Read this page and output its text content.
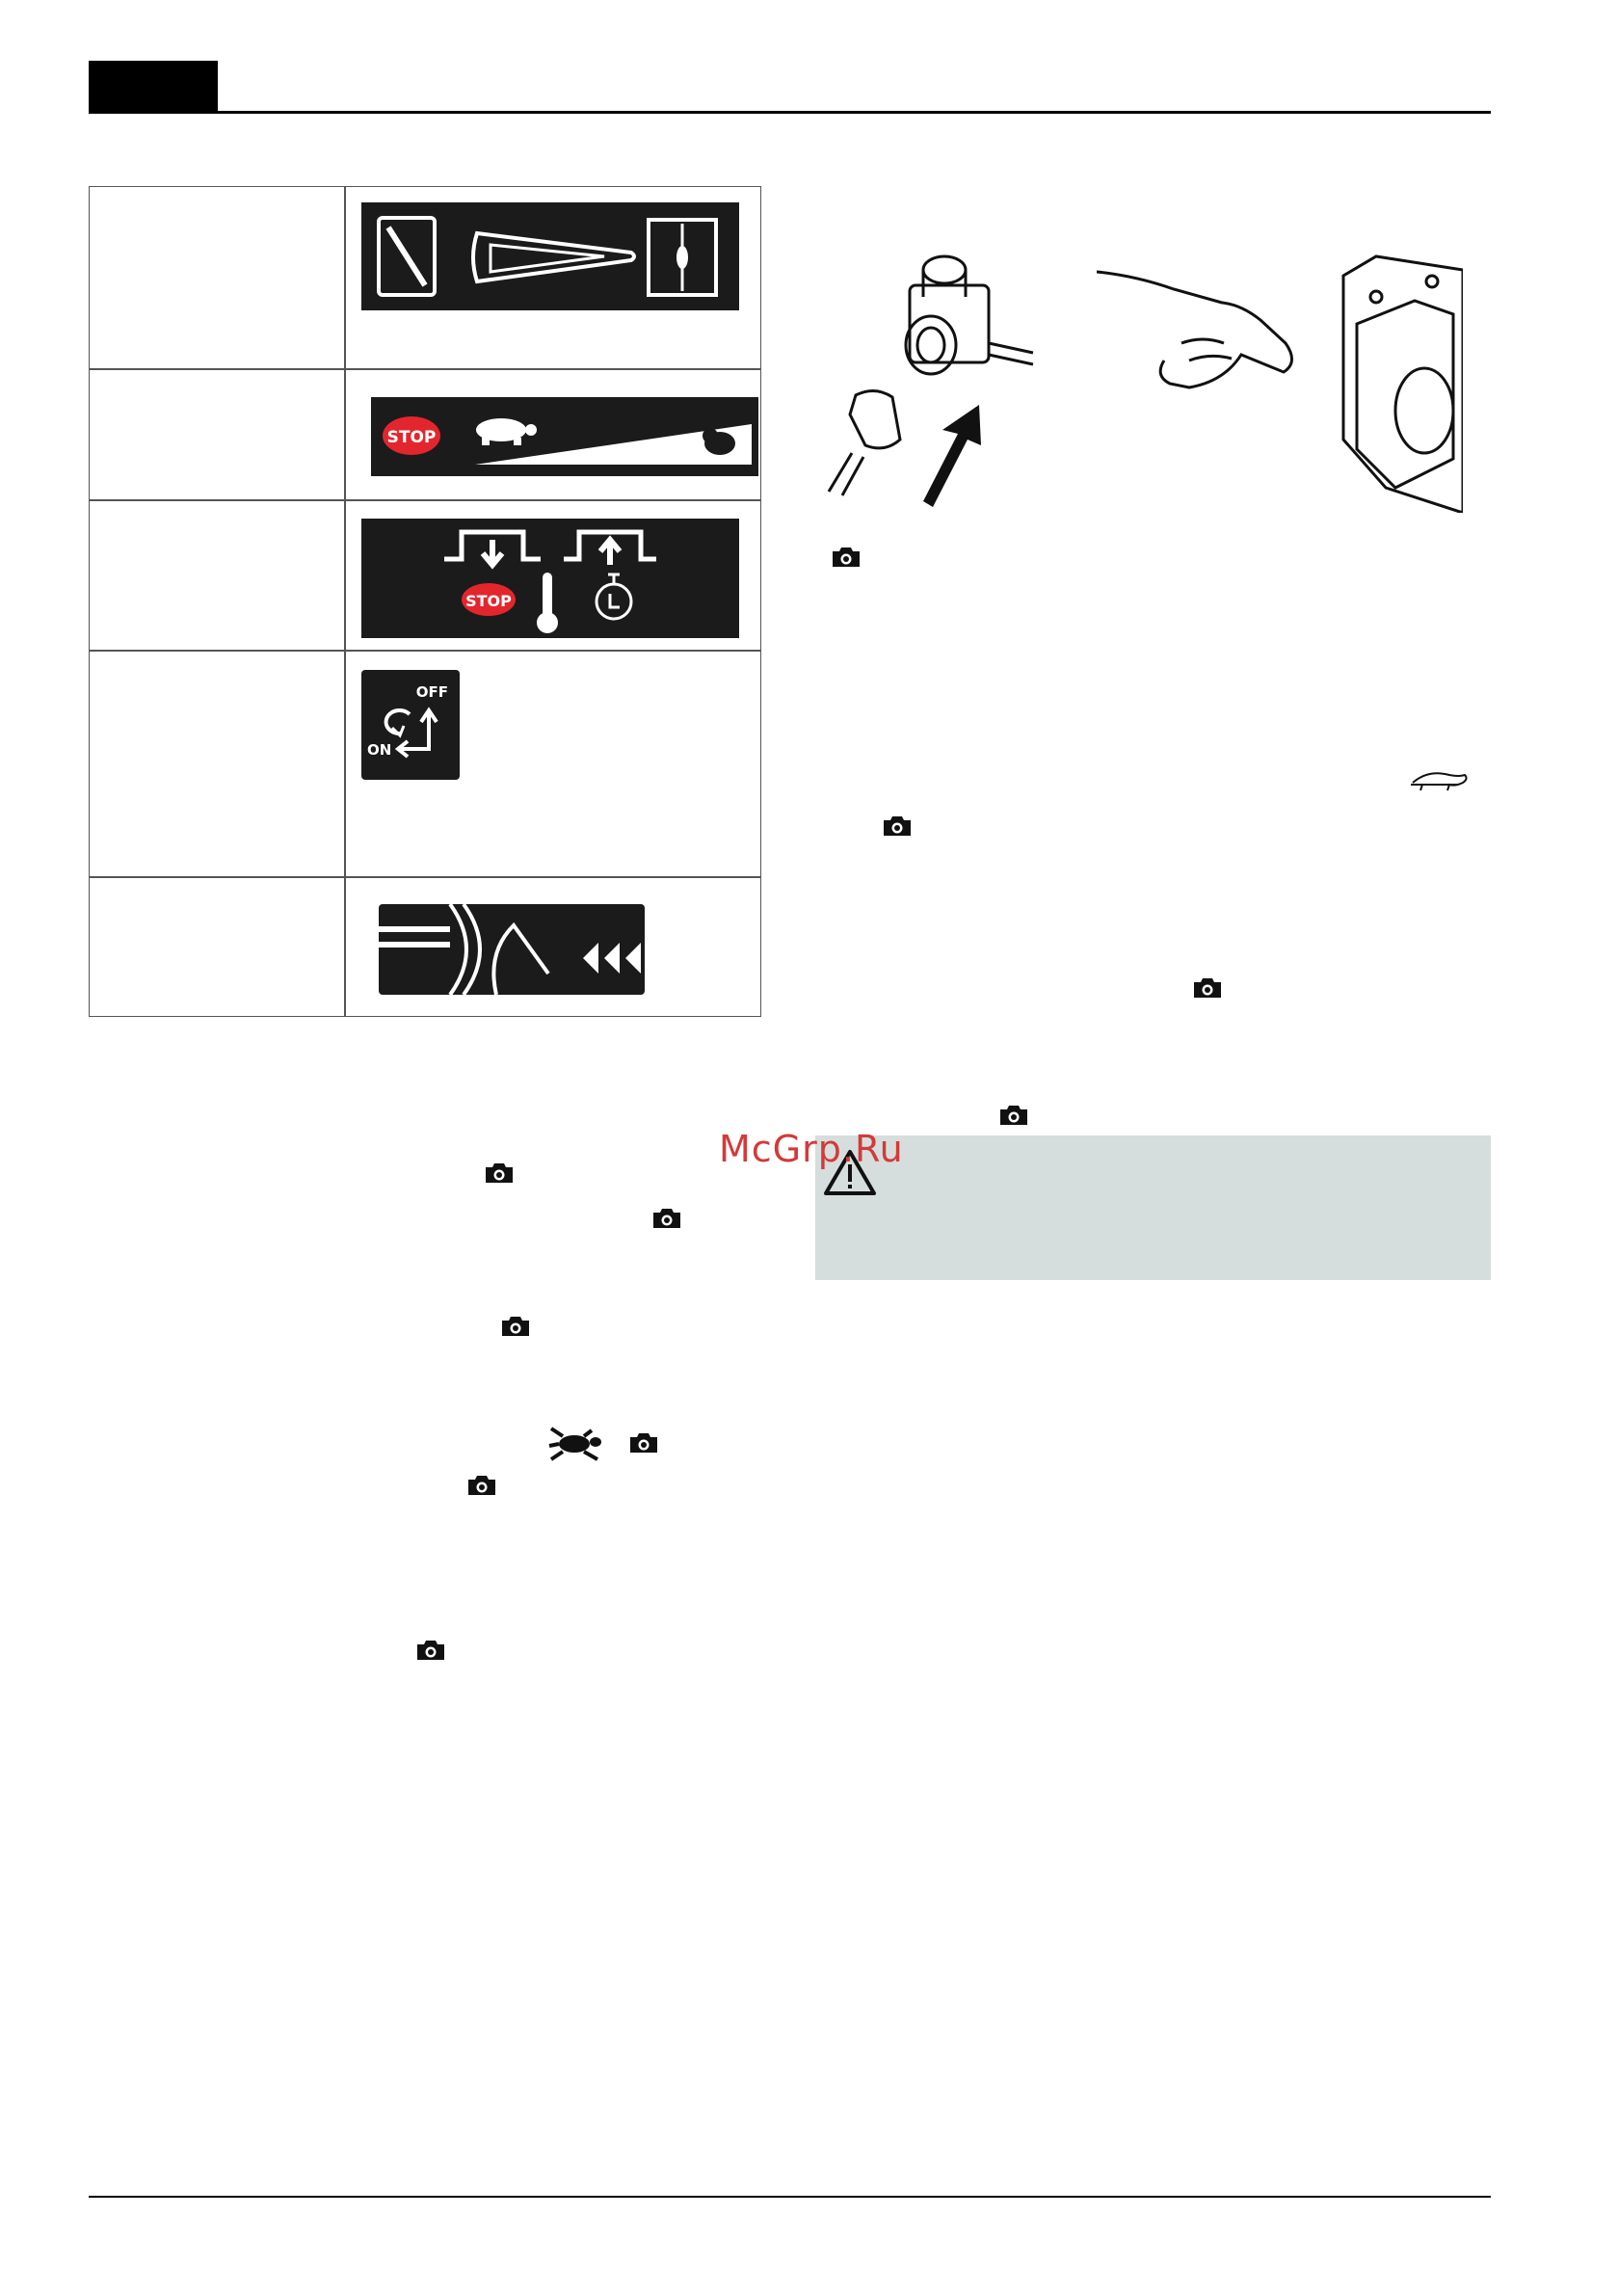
STOP
STOP
OFF
ON
McGrp.Ru
